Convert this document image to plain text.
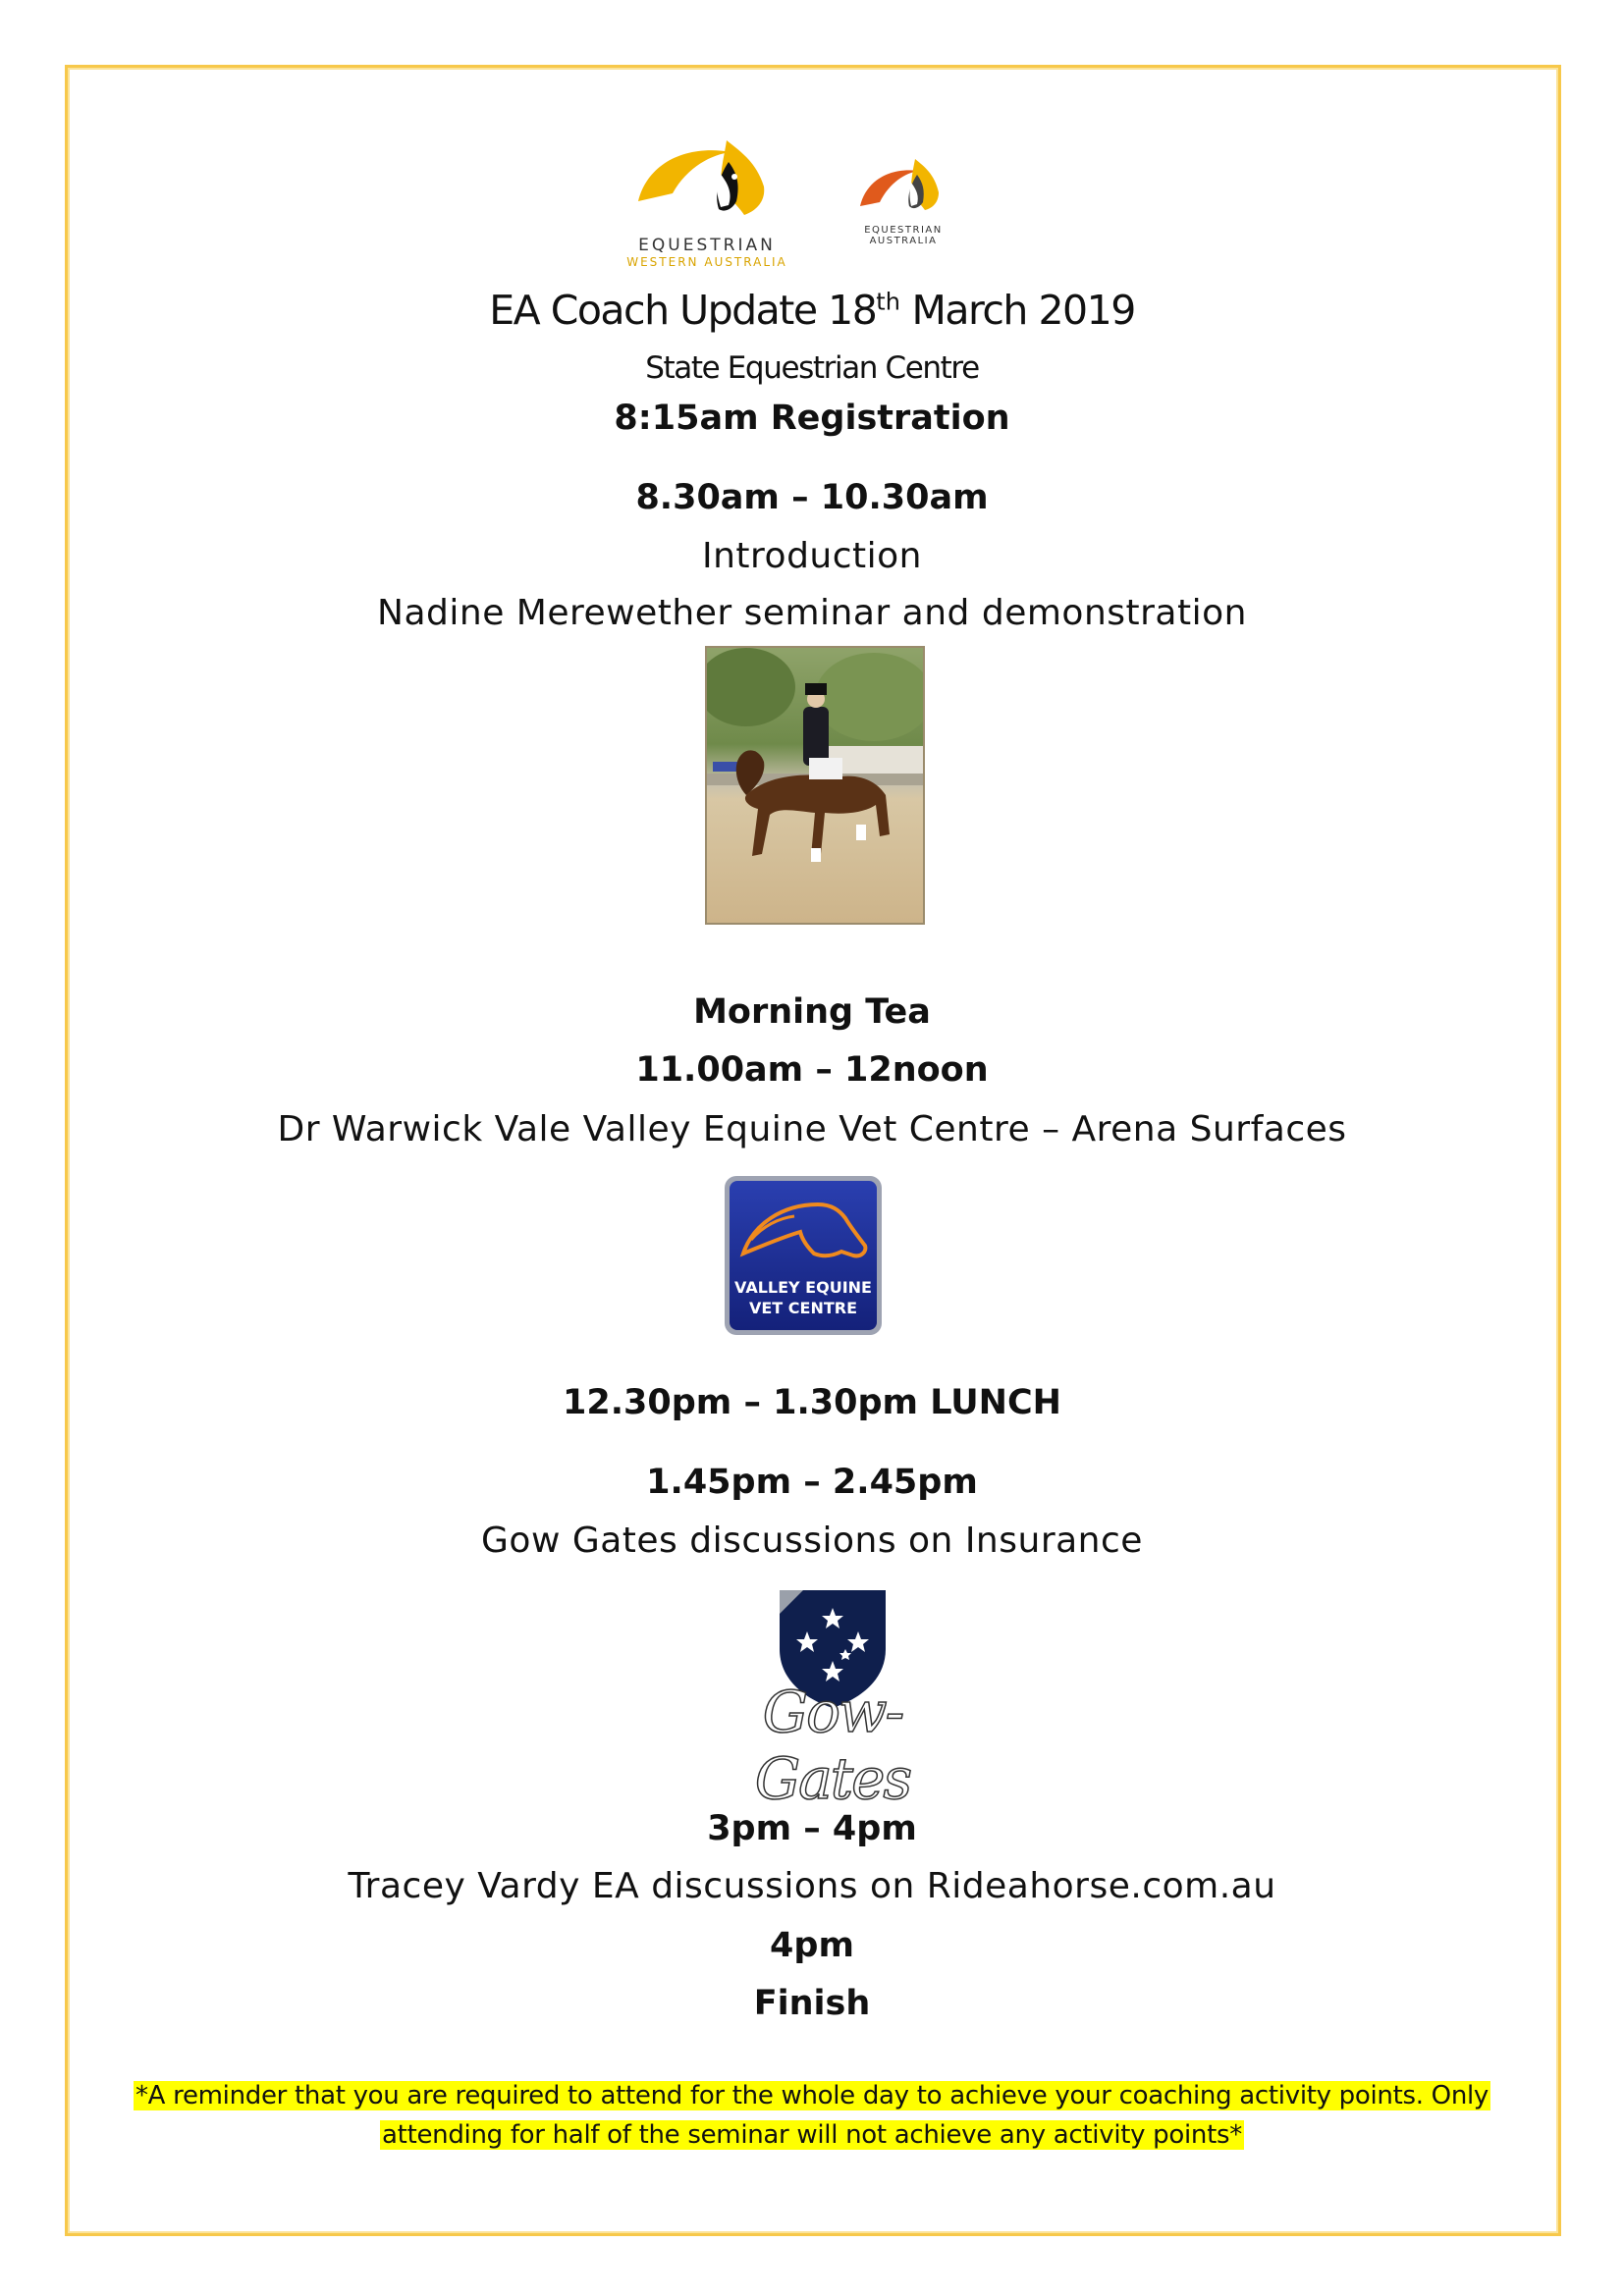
EQUESTRIAN
WESTERN AUSTRALIA
EQUESTRIAN
AUSTRALIA
EA Coach Update 18th March 2019
State Equestrian Centre
8:15am Registration
8.30am – 10.30am
Introduction
Nadine Merewether seminar and demonstration
Morning Tea
11.00am – 12noon
Dr Warwick Vale Valley Equine Vet Centre – Arena Surfaces
VALLEY EQUINE
VET CENTRE
12.30pm – 1.30pm LUNCH
1.45pm – 2.45pm
Gow Gates discussions on Insurance
Gow-Gates
3pm – 4pm
Tracey Vardy EA discussions on Rideahorse.com.au
4pm
Finish
*A reminder that you are required to attend for the whole day to achieve your coaching activity points. Only
attending for half of the seminar will not achieve any activity points*
